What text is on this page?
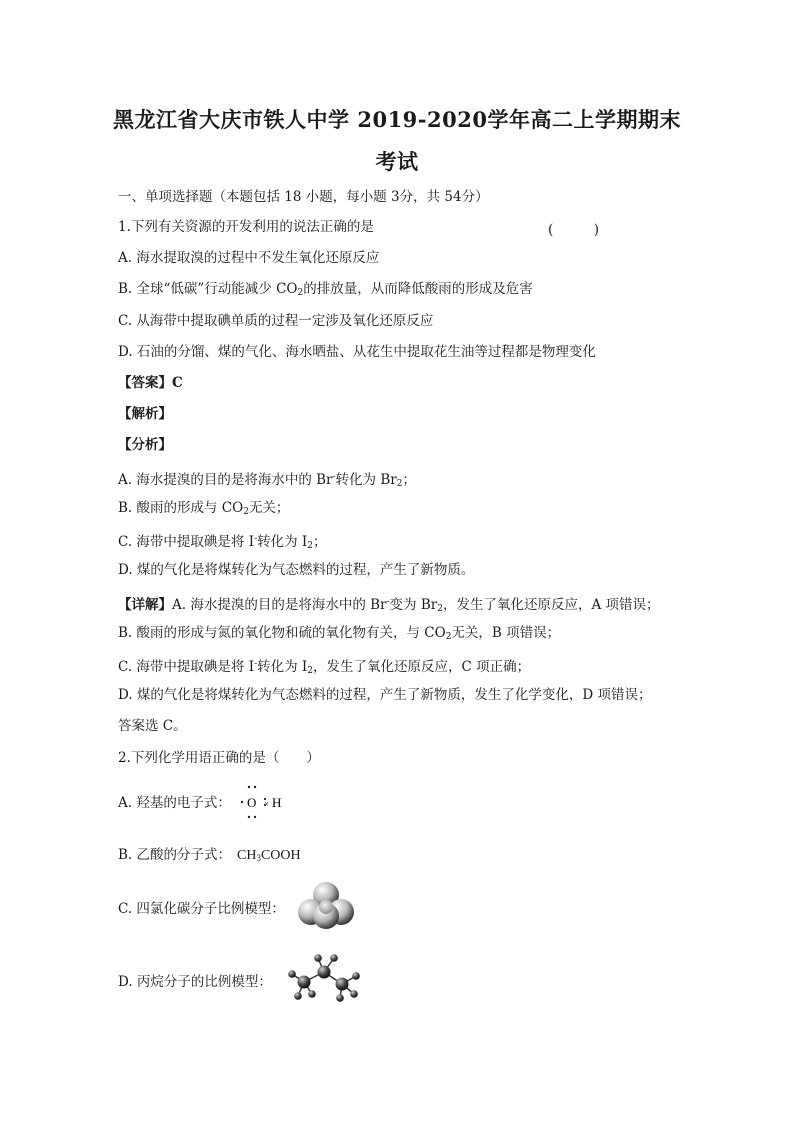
黑龙江省大庆市铁人中学 2019-2020学年高二上学期期末
考试
一、单项选择题（本题包括 18 小题，每小题 3分，共 54分）
1.下列有关资源的开发利用的说法正确的是	(　　　)
A. 海水提取溴的过程中不发生氧化还原反应
B. 全球“低碳”行动能减少 $CO_2$的排放量，从而降低酸雨的形成及危害
C. 从海带中提取碘单质的过程一定涉及氧化还原反应
D. 石油的分馏、煤的气化、海水晒盐、从花生中提取花生油等过程都是物理变化
【答案】C
【解析】
【分析】
A. 海水提溴的目的是将海水中的 Br-转化为 $Br_2$；
B. 酸雨的形成与 $CO_2$无关；
C. 海带中提取碘是将 I-转化为 $I_2$；
D. 煤的气化是将煤转化为气态燃料的过程，产生了新物质。
【详解】A. 海水提溴的目的是将海水中的 Br-变为 $Br_2$，发生了氧化还原反应，A 项错误；
B. 酸雨的形成与氮的氧化物和硫的氧化物有关，与 $CO_2$无关，B 项错误；
C. 海带中提取碘是将 I-转化为 $I_2$，发生了氧化还原反应，C 项正确；
D. 煤的气化是将煤转化为气态燃料的过程，产生了新物质，发生了化学变化，D 项错误；
答案选 C。
2.下列化学用语正确的是（　　）
A. 羟基的电子式： O H
×
B. 乙酸的分子式： $CH_3COOH$
C. 四氯化碳分子比例模型：
D. 丙烷分子的比例模型：
